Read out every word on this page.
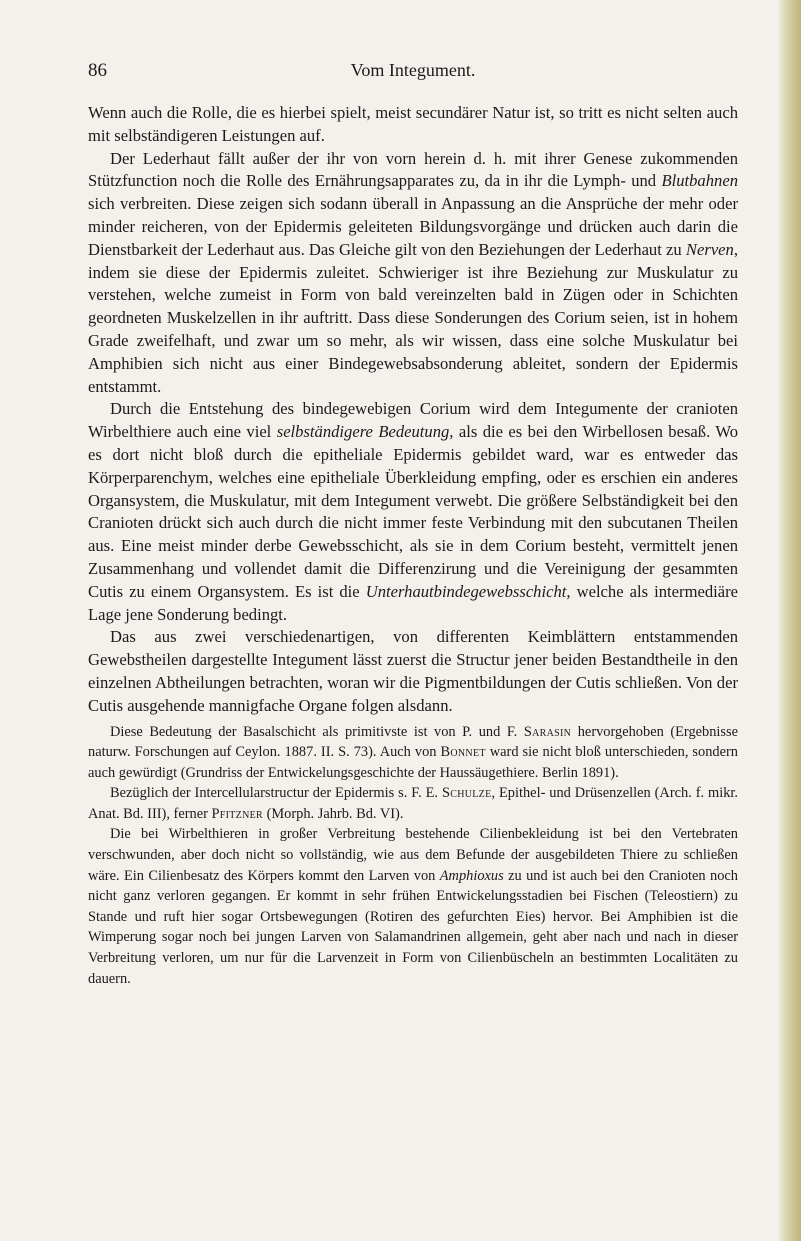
86	Vom Integument.

Wenn auch die Rolle, die es hierbei spielt, meist secundärer Natur ist, so tritt es nicht selten auch mit selbständigeren Leistungen auf.

Der Lederhaut fällt außer der ihr von vorn herein d. h. mit ihrer Genese zukommenden Stützfunction noch die Rolle des Ernährungsapparates zu, da in ihr die Lymph- und Blutbahnen sich verbreiten. Diese zeigen sich sodann überall in Anpassung an die Ansprüche der mehr oder minder reicheren, von der Epidermis geleiteten Bildungsvorgänge und drücken auch darin die Dienstbarkeit der Lederhaut aus. Das Gleiche gilt von den Beziehungen der Lederhaut zu Nerven, indem sie diese der Epidermis zuleitet. Schwieriger ist ihre Beziehung zur Muskulatur zu verstehen, welche zumeist in Form von bald vereinzelten bald in Zügen oder in Schichten geordneten Muskelzellen in ihr auftritt. Dass diese Sonderungen des Corium seien, ist in hohem Grade zweifelhaft, und zwar um so mehr, als wir wissen, dass eine solche Muskulatur bei Amphibien sich nicht aus einer Bindegewebsabsonderung ableitet, sondern der Epidermis entstammt.

Durch die Entstehung des bindegewebigen Corium wird dem Integumente der cranioten Wirbelthiere auch eine viel selbständigere Bedeutung, als die es bei den Wirbellosen besaß. Wo es dort nicht bloß durch die epitheliale Epidermis gebildet ward, war es entweder das Körperparenchym, welches eine epitheliale Überkleidung empfing, oder es erschien ein anderes Organsystem, die Muskulatur, mit dem Integument verwebt. Die größere Selbständigkeit bei den Cranioten drückt sich auch durch die nicht immer feste Verbindung mit den subcutanen Theilen aus. Eine meist minder derbe Gewebsschicht, als sie in dem Corium besteht, vermittelt jenen Zusammenhang und vollendet damit die Differenzirung und die Vereinigung der gesammten Cutis zu einem Organsystem. Es ist die Unterhautbindegewebsschicht, welche als intermediäre Lage jene Sonderung bedingt.

Das aus zwei verschiedenartigen, von differenten Keimblättern entstammenden Gewebstheilen dargestellte Integument lässt zuerst die Structur jener beiden Bestandtheile in den einzelnen Abtheilungen betrachten, woran wir die Pigmentbildungen der Cutis schließen. Von der Cutis ausgehende mannigfache Organe folgen alsdann.

Diese Bedeutung der Basalschicht als primitivste ist von P. und F. Sarasin hervorgehoben (Ergebnisse naturw. Forschungen auf Ceylon. 1887. II. S. 73). Auch von Bonnet ward sie nicht bloß unterschieden, sondern auch gewürdigt (Grundriss der Entwickelungsgeschichte der Haussäugethiere. Berlin 1891).

Bezüglich der Intercellularstructur der Epidermis s. F. E. Schulze, Epithel- und Drüsenzellen (Arch. f. mikr. Anat. Bd. III), ferner Pfitzner (Morph. Jahrb. Bd. VI).

Die bei Wirbelthieren in großer Verbreitung bestehende Cilienbekleidung ist bei den Vertebraten verschwunden, aber doch nicht so vollständig, wie aus dem Befunde der ausgebildeten Thiere zu schließen wäre. Ein Cilienbesatz des Körpers kommt den Larven von Amphioxus zu und ist auch bei den Cranioten noch nicht ganz verloren gegangen. Er kommt in sehr frühen Entwickelungsstadien bei Fischen (Teleostiern) zu Stande und ruft hier sogar Ortsbewegungen (Rotiren des gefurchten Eies) hervor. Bei Amphibien ist die Wimperung sogar noch bei jungen Larven von Salamandrinen allgemein, geht aber nach und nach in dieser Verbreitung verloren, um nur für die Larvenzeit in Form von Cilienbüscheln an bestimmten Localitäten zu dauern.
